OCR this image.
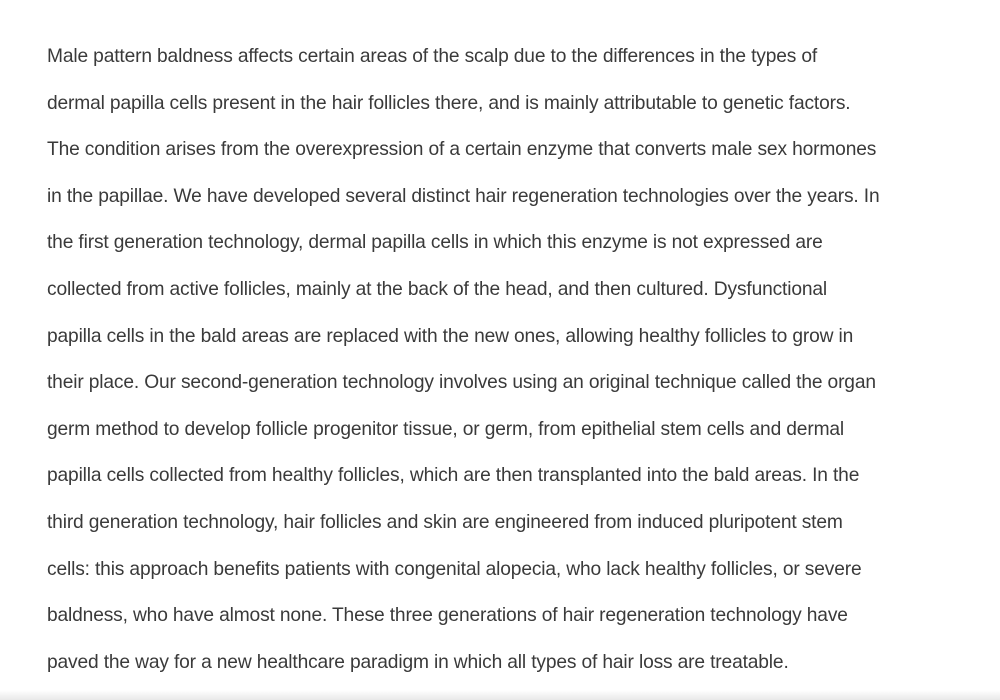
Male pattern baldness affects certain areas of the scalp due to the differences in the types of
dermal papilla cells present in the hair follicles there, and is mainly attributable to genetic factors.
The condition arises from the overexpression of a certain enzyme that converts male sex hormones
in the papillae. We have developed several distinct hair regeneration technologies over the years. In
the first generation technology, dermal papilla cells in which this enzyme is not expressed are
collected from active follicles, mainly at the back of the head, and then cultured. Dysfunctional
papilla cells in the bald areas are replaced with the new ones, allowing healthy follicles to grow in
their place. Our second-generation technology involves using an original technique called the organ
germ method to develop follicle progenitor tissue, or germ, from epithelial stem cells and dermal
papilla cells collected from healthy follicles, which are then transplanted into the bald areas. In the
third generation technology, hair follicles and skin are engineered from induced pluripotent stem
cells: this approach benefits patients with congenital alopecia, who lack healthy follicles, or severe
baldness, who have almost none. These three generations of hair regeneration technology have
paved the way for a new healthcare paradigm in which all types of hair loss are treatable.
